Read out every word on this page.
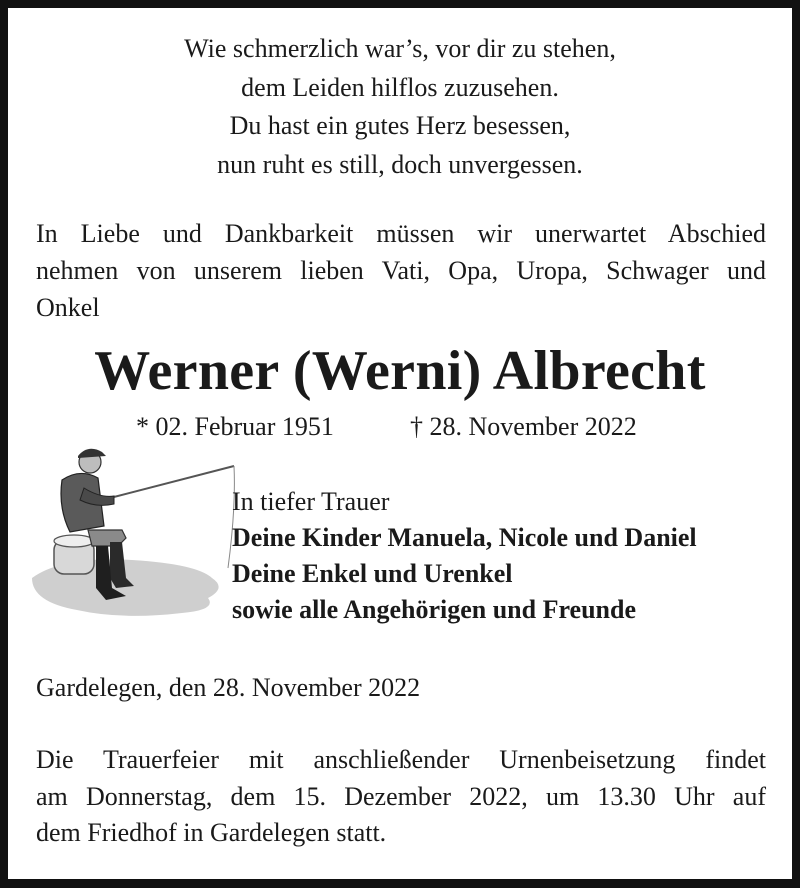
Wie schmerzlich war’s, vor dir zu stehen,
dem Leiden hilflos zuzusehen.
Du hast ein gutes Herz besessen,
nun ruht es still, doch unvergessen.
In Liebe und Dankbarkeit müssen wir unerwartet Abschied
nehmen von unserem lieben Vati, Opa, Uropa, Schwager und
Onkel
Werner (Werni) Albrecht
* 02. Februar 1951	† 28. November 2022
In tiefer Trauer
Deine Kinder Manuela, Nicole und Daniel
Deine Enkel und Urenkel
sowie alle Angehörigen und Freunde
Gardelegen, den 28. November 2022
Die Trauerfeier mit anschließender Urnenbeisetzung findet
am Donnerstag, dem 15. Dezember 2022, um 13.30 Uhr auf
dem Friedhof in Gardelegen statt.
